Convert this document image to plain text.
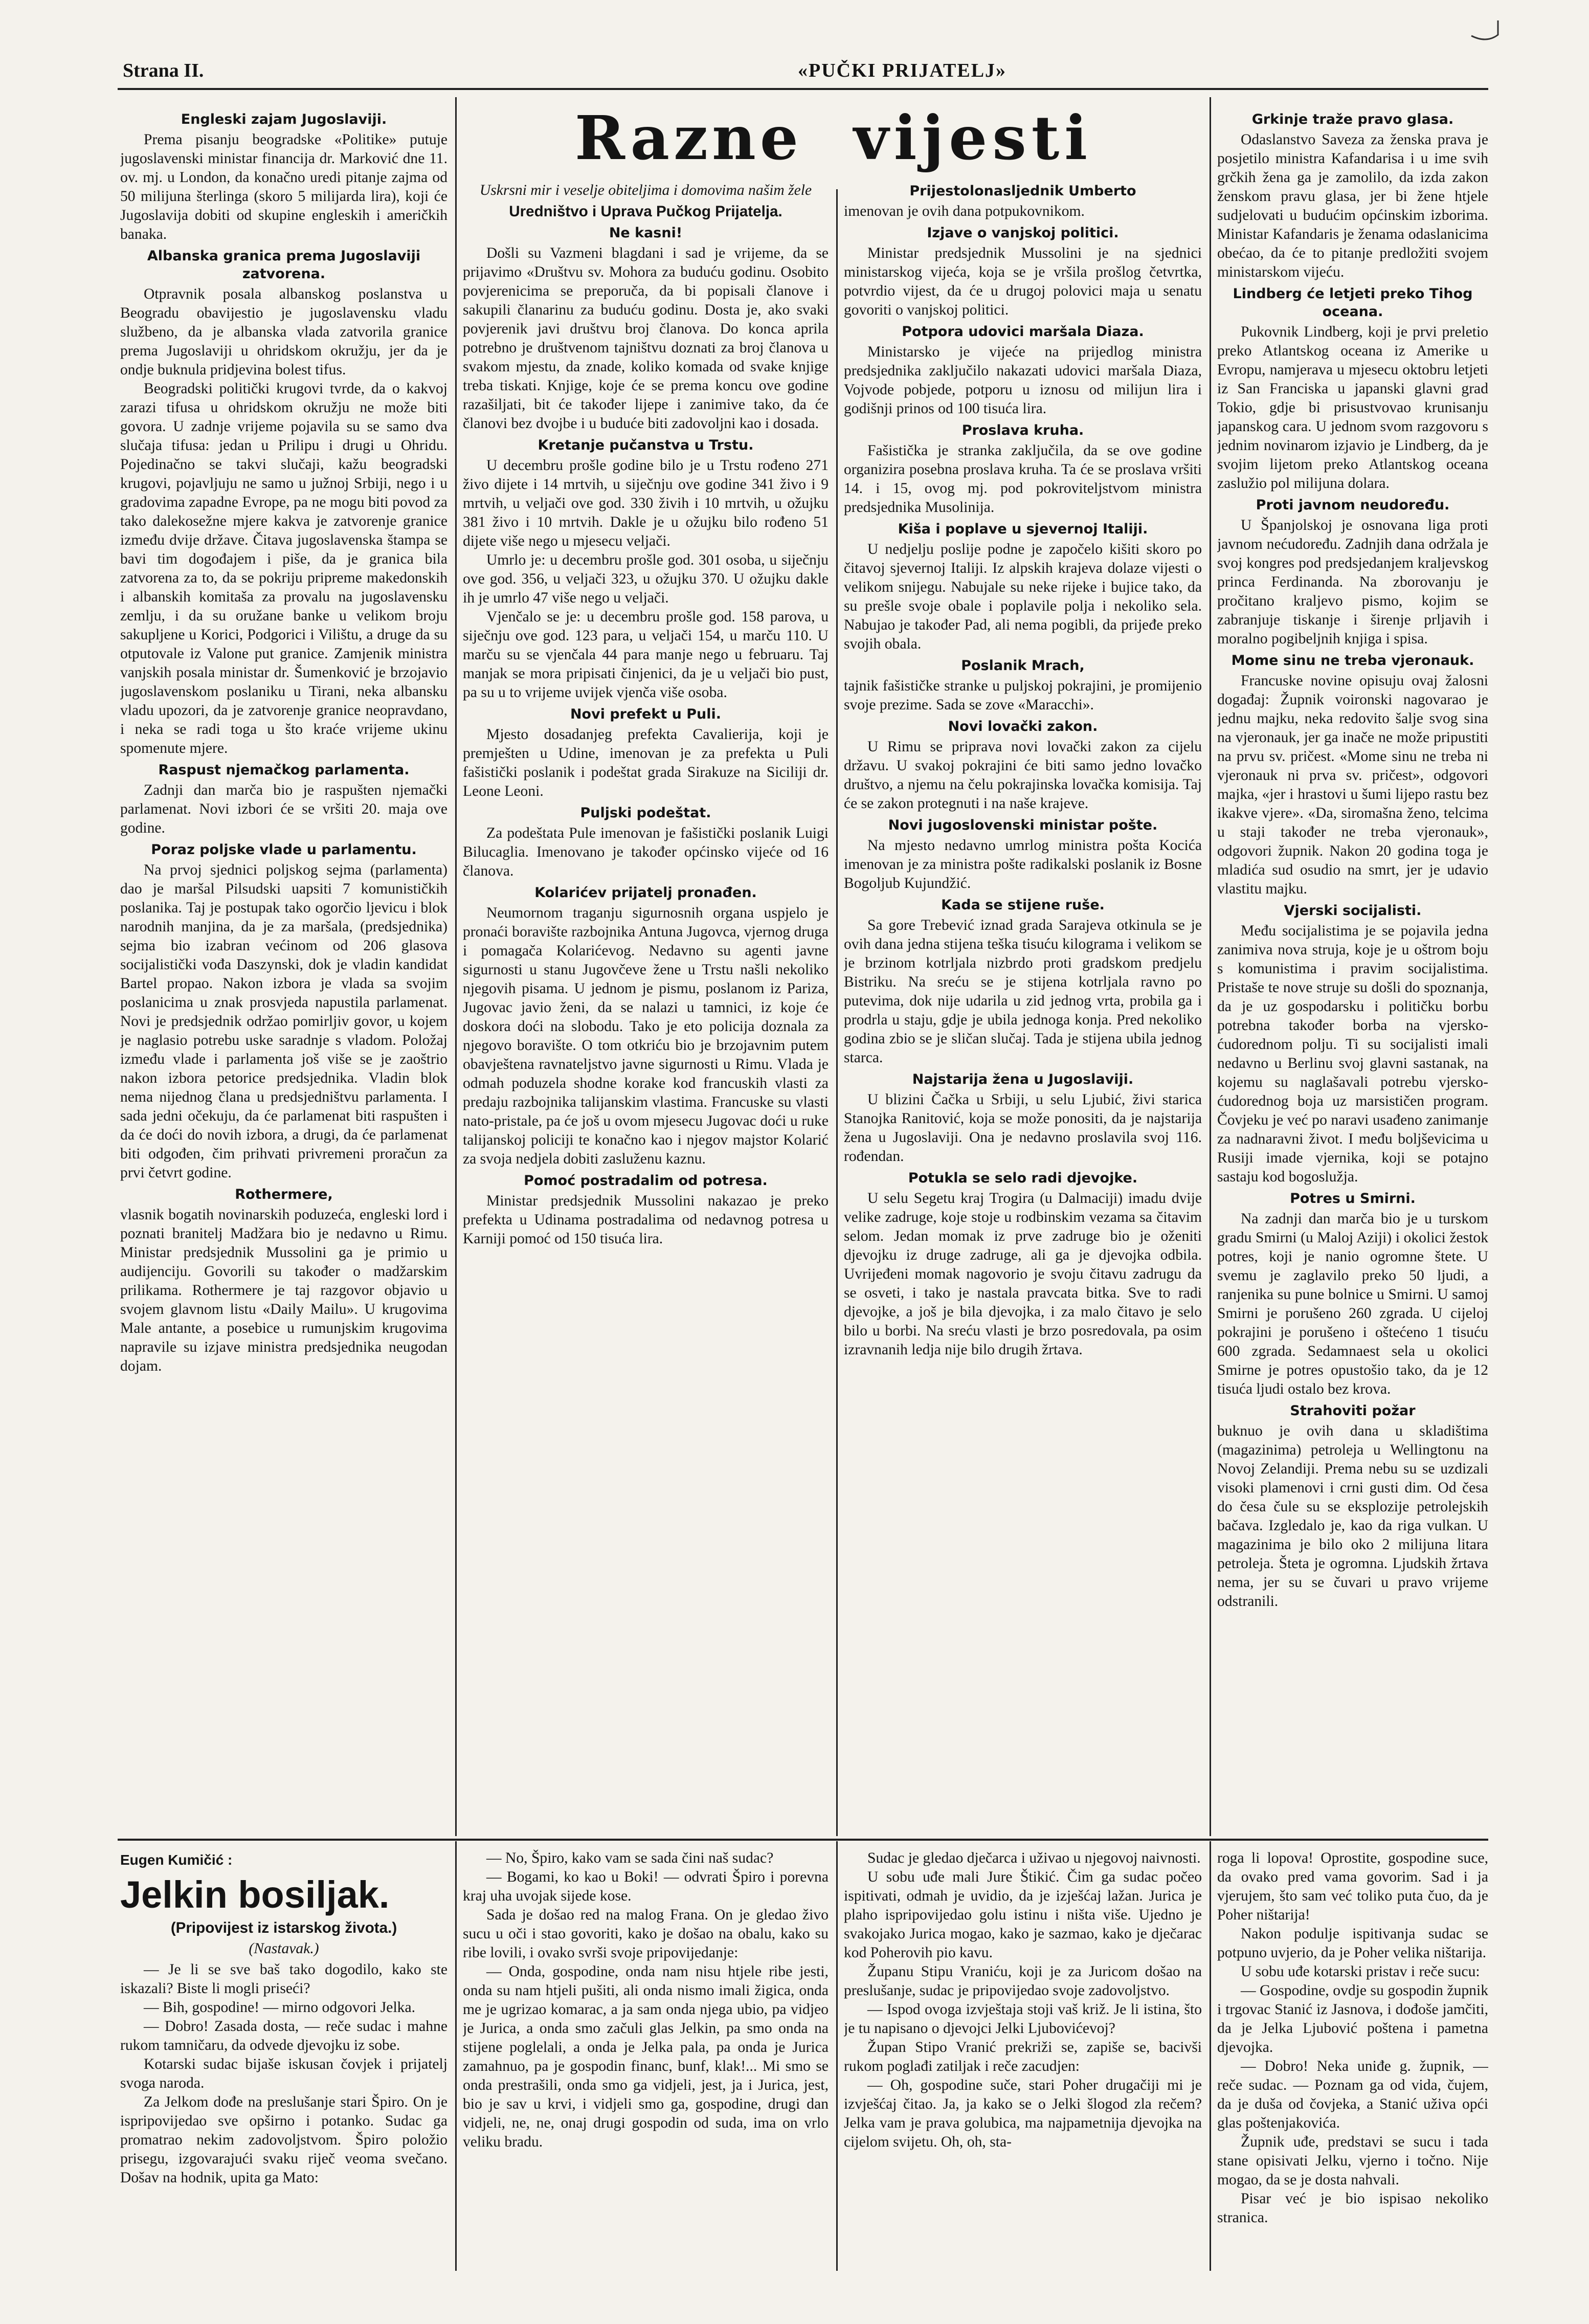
Strana II.	«PUČKI PRIJATELJ»
Razne vijesti
Engleski zajam Jugoslaviji.

Prema pisanju beogradske «Politike» putuje jugoslavenski ministar financija dr. Marković dne 11. ov. mj. u London, da konačno uredi pitanje zajma od 50 milijuna šterlinga (skoro 5 milijarda lira), koji će Jugoslavija dobiti od skupine engleskih i američkih banaka.

Albanska granica prema Jugoslaviji zatvorena.

Otpravnik posala albanskog poslanstva u Beogradu obavijestio je jugoslavensku vladu službeno, da je albanska vlada zatvorila granice prema Jugoslaviji u ohridskom okružju, jer da je ondje buknula pridjevina bolest tifus.

Beogradski politički krugovi tvrde, da o kakvoj zarazi tifusa u ohridskom okružju ne može biti govora. U zadnje vrijeme pojavila su se samo dva slučaja tifusa: jedan u Prilipu i drugi u Ohridu. Pojedinačno se takvi slučaji, kažu beogradski krugovi, pojavljuju ne samo u južnoj Srbiji, nego i u gradovima zapadne Evrope, pa ne mogu biti povod za tako dalekosežne mjere kakva je zatvorenje granice između dvije države. Čitava jugoslavenska štampa se bavi tim dogođajem i piše, da je granica bila zatvorena za to, da se pokriju pripreme makedonskih i albanskih komitaša za provalu na jugoslavensku zemlju, i da su oružane banke u velikom broju sakupljene u Korici, Podgorici i Vilištu, a druge da su otputovale iz Valone put granice. Zamjenik ministra vanjskih posala ministar dr. Šumenković je brzojavio jugoslavenskom poslaniku u Tirani, neka albansku vladu upozori, da je zatvorenje granice neopravdano, i neka se radi toga u što kraće vrijeme ukinu spomenute mjere.

Raspust njemačkog parlamenta.

Zadnji dan marča bio je raspušten njemački parlamenat. Novi izbori će se vršiti 20. maja ove godine.

Poraz poljske vlade u parlamentu.

Na prvoj sjednici poljskog sejma (parlamenta) dao je maršal Pilsudski uapsiti 7 komunističkih poslanika. Taj je postupak tako ogorčio ljevicu i blok narodnih manjina, da je za maršala, (predsjednika) sejma bio izabran većinom od 206 glasova socijalistički vođa Daszynski, dok je vladin kandidat Bartel propao. Nakon izbora je vlada sa svojim poslanicima u znak prosvjeda napustila parlamenat. Novi je predsjednik održao pomirljiv govor, u kojem je naglasio potrebu uske saradnje s vladom. Položaj između vlade i parlamenta još više se je zaoštrio nakon izbora petorice predsjednika. Vladin blok nema nijednog člana u predsjedništvu parlamenta. I sada jedni očekuju, da će parlamenat biti raspušten i da će doći do novih izbora, a drugi, da će parlamenat biti odgođen, čim prihvati privremeni proračun za prvi četvrt godine.

Rothermere,

vlasnik bogatih novinarskih poduzeća, engleski lord i poznati branitelj Madžara bio je nedavno u Rimu. Ministar predsjednik Mussolini ga je primio u audijenciju. Govorili su također o madžarskim prilikama. Rothermere je taj razgovor objavio u svojem glavnom listu «Daily Mailu». U krugovima Male antante, a posebice u rumunjskim krugovima napravile su izjave ministra predsjednika neugodan dojam.

Uskrsni mir i veselje obiteljima i domovima našim žele
Uredništvo i Uprava Pučkog Prijatelja.
Ne kasni!

Došli su Vazmeni blagdani i sad je vrijeme, da se prijavimo «Društvu sv. Mohora za buduću godinu. Osobito povjerenicima se preporuča, da bi popisali članove i sakupili članarinu za buduću godinu. Dosta je, ako svaki povjerenik javi društvu broj članova. Do konca aprila potrebno je društvenom tajništvu doznati za broj članova u svakom mjestu, da znade, koliko komada od svake knjige treba tiskati. Knjige, koje će se prema koncu ove godine razašiljati, bit će također lijepe i zanimive tako, da će članovi bez dvojbe i u buduće biti zadovoljni kao i dosada.

Kretanje pučanstva u Trstu.

U decembru prošle godine bilo je u Trstu rođeno 271 živo dijete i 14 mrtvih, u siječnju ove godine 341 živo i 9 mrtvih, u veljači ove god. 330 živih i 10 mrtvih, u ožujku 381 živo i 10 mrtvih. Dakle je u ožujku bilo rođeno 51 dijete više nego u mjesecu veljači.

Umrlo je: u decembru prošle god. 301 osoba, u siječnju ove god. 356, u veljači 323, u ožujku 370. U ožujku dakle ih je umrlo 47 više nego u veljači.

Vjenčalo se je: u decembru prošle god. 158 parova, u siječnju ove god. 123 para, u veljači 154, u marču 110. U marču su se vjenčala 44 para manje nego u februaru. Taj manjak se mora pripisati činjenici, da je u veljači bio pust, pa su u to vrijeme uvijek vjenča više osoba.

Novi prefekt u Puli.

Mjesto dosadanjeg prefekta Cavalierija, koji je premješten u Udine, imenovan je za prefekta u Puli fašistički poslanik i podeštat grada Sirakuze na Siciliji dr. Leone Leoni.

Puljski podeštat.

Za podeštata Pule imenovan je fašistički poslanik Luigi Bilucaglia. Imenovano je također općinsko vijeće od 16 članova.

Kolarićev prijatelj pronađen.

Neumornom traganju sigurnosnih organa uspjelo je pronaći boravište razbojnika Antuna Jugovca, vjernog druga i pomagača Kolarićevog. Nedavno su agenti javne sigurnosti u stanu Jugovčeve žene u Trstu našli nekoliko njegovih pisama. U jednom je pismu, poslanom iz Pariza, Jugovac javio ženi, da se nalazi u tamnici, iz koje će doskora doći na slobodu. Tako je eto policija doznala za njegovo boravište. O tom otkriću bio je brzojavnim putem obavještena ravnateljstvo javne sigurnosti u Rimu. Vlada je odmah poduzela shodne korake kod francuskih vlasti za predaju razbojnika talijanskim vlastima. Francuske su vlasti nato-pristale, pa će još u ovom mjesecu Jugovac doći u ruke talijanskoj policiji te konačno kao i njegov majstor Kolarić za svoja nedjela dobiti zasluženu kaznu.

Pomoć postradalim od potresa.

Ministar predsjednik Mussolini nakazao je preko prefekta u Udinama postradalima od nedavnog potresa u Karniji pomoć od 150 tisuća lira.

Prijestolonasljednik Umberto

imenovan je ovih dana potpukovnikom.

Izjave o vanjskoj politici.

Ministar predsjednik Mussolini je na sjednici ministarskog vijeća, koja se je vršila prošlog četvrtka, potvrdio vijest, da će u drugoj polovici maja u senatu govoriti o vanjskoj politici.

Potpora udovici maršala Diaza.

Ministarsko je vijeće na prijedlog ministra predsjednika zaključilo nakazati udovici maršala Diaza, Vojvode pobjede, potporu u iznosu od milijun lira i godišnji prinos od 100 tisuća lira.

Proslava kruha.

Fašistička je stranka zaključila, da se ove godine organizira posebna proslava kruha. Ta će se proslava vršiti 14. i 15, ovog mj. pod pokroviteljstvom ministra predsjednika Musolinija.

Kiša i poplave u sjevernoj Italiji.

U nedjelju poslije podne je započelo kišiti skoro po čitavoj sjevernoj Italiji. Iz alpskih krajeva dolaze vijesti o velikom snijegu. Nabujale su neke rijeke i bujice tako, da su prešle svoje obale i poplavile polja i nekoliko sela. Nabujao je također Pad, ali nema pogibli, da prijeđe preko svojih obala.

Poslanik Mrach,

tajnik fašističke stranke u puljskoj pokrajini, je promijenio svoje prezime. Sada se zove «Maracchi».

Novi lovački zakon.

U Rimu se priprava novi lovački zakon za cijelu državu. U svakoj pokrajini će biti samo jedno lovačko društvo, a njemu na čelu pokrajinska lovačka komisija. Taj će se zakon protegnuti i na naše krajeve.

Novi jugoslovenski ministar pošte.

Na mjesto nedavno umrlog ministra pošta Kocića imenovan je za ministra pošte radikalski poslanik iz Bosne Bogoljub Kujundžić.

Kada se stijene ruše.

Sa gore Trebević iznad grada Sarajeva otkinula se je ovih dana jedna stijena teška tisuću kilograma i velikom se je brzinom kotrljala nizbrdo proti gradskom predjelu Bistriku. Na sreću se je stijena kotrljala ravno po putevima, dok nije udarila u zid jednog vrta, probila ga i prodrla u staju, gdje je ubila jednoga konja. Pred nekoliko godina zbio se je sličan slučaj. Tada je stijena ubila jednog starca.

Najstarija žena u Jugoslaviji.

U blizini Čačka u Srbiji, u selu Ljubić, živi starica Stanojka Ranitović, koja se može ponositi, da je najstarija žena u Jugoslaviji. Ona je nedavno proslavila svoj 116. rođendan.

Potukla se selo radi djevojke.

U selu Segetu kraj Trogira (u Dalmaciji) imadu dvije velike zadruge, koje stoje u rodbinskim vezama sa čitavim selom. Jedan momak iz prve zadruge bio je oženiti djevojku iz druge zadruge, ali ga je djevojka odbila. Uvrijeđeni momak nagovorio je svoju čitavu zadrugu da se osveti, i tako je nastala pravcata bitka. Sve to radi djevojke, a još je bila djevojka, i za malo čitavo je selo bilo u borbi. Na sreću vlasti je brzo posredovala, pa osim izravnanih ledja nije bilo drugih žrtava.

Grkinje traže pravo glasa.

Odaslanstvo Saveza za ženska prava je posjetilo ministra Kafandarisa i u ime svih grčkih žena ga je zamolilo, da izda zakon ženskom pravu glasa, jer bi žene htjele sudjelovati u budućim općinskim izborima. Ministar Kafandaris je ženama odaslanicima obećao, da će to pitanje predložiti svojem ministarskom vijeću.

Lindberg će letjeti preko Tihog oceana.

Pukovnik Lindberg, koji je prvi preletio preko Atlantskog oceana iz Amerike u Evropu, namjerava u mjesecu oktobru letjeti iz San Franciska u japanski glavni grad Tokio, gdje bi prisustvovao krunisanju japanskog cara. U jednom svom razgovoru s jednim novinarom izjavio je Lindberg, da je svojim lijetom preko Atlantskog oceana zaslužio pol milijuna dolara.

Proti javnom neudoređu.

U Španjolskoj je osnovana liga proti javnom nećudoređu. Zadnjih dana održala je svoj kongres pod predsjedanjem kraljevskog princa Ferdinanda. Na zborovanju je pročitano kraljevo pismo, kojim se zabranjuje tiskanje i širenje prljavih i moralno pogibeljnih knjiga i spisa.

Mome sinu ne treba vjeronauk.

Francuske novine opisuju ovaj žalosni događaj: Župnik voironski nagovarao je jednu majku, neka redovito šalje svog sina na vjeronauk, jer ga inače ne može pripustiti na prvu sv. pričest. «Mome sinu ne treba ni vjeronauk ni prva sv. pričest», odgovori majka, «jer i hrastovi u šumi lijepo rastu bez ikakve vjere». «Da, siromašna ženo, telcima u staji također ne treba vjeronauk», odgovori župnik. Nakon 20 godina toga je mladića sud osudio na smrt, jer je udavio vlastitu majku.

Vjerski socijalisti.

Među socijalistima je se pojavila jedna zanimiva nova struja, koje je u oštrom boju s komunistima i pravim socijalistima. Pristaše te nove struje su došli do spoznanja, da je uz gospodarsku i političku borbu potrebna također borba na vjersko-ćudorednom polju. Ti su socijalisti imali nedavno u Berlinu svoj glavni sastanak, na kojemu su naglašavali potrebu vjersko-ćudorednog boja uz marsističen program. Čovjeku je već po naravi usađeno zanimanje za nadnaravni život. I među boljševicima u Rusiji imade vjernika, koji se potajno sastaju kod bogoslužja.

Potres u Smirni.

Na zadnji dan marča bio je u turskom gradu Smirni (u Maloj Aziji) i okolici žestok potres, koji je nanio ogromne štete. U svemu je zaglavilo preko 50 ljudi, a ranjenika su pune bolnice u Smirni. U samoj Smirni je porušeno 260 zgrada. U cijeloj pokrajini je porušeno i oštećeno 1 tisuću 600 zgrada. Sedamnaest sela u okolici Smirne je potres opustošio tako, da je 12 tisuća ljudi ostalo bez krova.

Strahoviti požar

buknuo je ovih dana u skladištima (magazinima) petroleja u Wellingtonu na Novoj Zelandiji. Prema nebu su se uzdizali visoki plamenovi i crni gusti dim. Od česa do česa čule su se eksplozije petrolejskih bačava. Izgledalo je, kao da riga vulkan. U magazinima je bilo oko 2 milijuna litara petroleja. Šteta je ogromna. Ljudskih žrtava nema, jer su se čuvari u pravo vrijeme odstranili.

Eugen Kumičić :
Jelkin bosiljak.
(Pripovijest iz istarskog života.)
(Nastavak.)

— Je li se sve baš tako dogodilo, kako ste iskazali? Biste li mogli priseći?

— Bih, gospodine! — mirno odgovori Jelka.

— Dobro! Zasada dosta, — reče sudac i mahne rukom tamničaru, da odvede djevojku iz sobe.

Kotarski sudac bijaše iskusan čovjek i prijatelj svoga naroda.

Za Jelkom dođe na preslušanje stari Špiro. On je ispripovijedao sve opširno i potanko. Sudac ga promatrao nekim zadovoljstvom. Špiro položio prisegu, izgovarajući svaku riječ veoma svečano. Došav na hodnik, upita ga Mato:

— No, Špiro, kako vam se sada čini naš sudac?

— Bogami, ko kao u Boki! — odvrati Špiro i porevna kraj uha uvojak sijede kose.

Sada je došao red na malog Frana. On je gledao živo sucu u oči i stao govoriti, kako je došao na obalu, kako su ribe lovili, i ovako svrši svoje pripovijedanje:

— Onda, gospodine, onda nam nisu htjele ribe jesti, onda su nam htjeli pušiti, ali onda nismo imali žigica, onda me je ugrizao komarac, a ja sam onda njega ubio, pa vidjeo je Jurica, a onda smo začuli glas Jelkin, pa smo onda na stijene poglelali, a onda je Jelka pala, pa onda je Jurica zamahnuo, pa je gospodin financ, bunf, klak!... Mi smo se onda prestrašili, onda smo ga vidjeli, jest, ja i Jurica, jest, bio je sav u krvi, i vidjeli smo ga, gospodine, drugi dan vidjeli, ne, ne, onaj drugi gospodin od suda, ima on vrlo veliku bradu.

Sudac je gledao dječarca i uživao u njegovoj naivnosti.

U sobu uđe mali Jure Štikić. Čim ga sudac počeo ispitivati, odmah je uvidio, da je izješćaj lažan. Jurica je plaho ispripovijedao golu istinu i ništa više. Ujedno je svakojako Jurica mogao, kako je sazmao, kako je dječarac kod Poherovih pio kavu.

Županu Stipu Vraniću, koji je za Juricom došao na preslušanje, sudac je pripovijedao svoje zadovoljstvo.

— Ispod ovoga izvještaja stoji vaš križ. Je li istina, što je tu napisano o djevojci Jelki Ljubovićevoj?

Župan Stipo Vranić prekriži se, zapiše se, bacivši rukom poglađi zatiljak i reče zacudjen:

— Oh, gospodine suče, stari Poher drugačiji mi je izvješćaj čitao. Ja, ja kako se o Jelki šlogod zla rečem? Jelka vam je prava golubica, ma najpametnija djevojka na cijelom svijetu. Oh, oh, sta-

roga li lopova! Oprostite, gospodine suce, da ovako pred vama govorim. Sad i ja vjerujem, što sam već toliko puta čuo, da je Poher ništarija!

Nakon podulje ispitivanja sudac se potpuno uvjerio, da je Poher velika ništarija.

U sobu uđe kotarski pristav i reče sucu:

— Gospodine, ovdje su gospodin župnik i trgovac Stanić iz Jasnova, i dođoše jamčiti, da je Jelka Ljubović poštena i pametna djevojka.

— Dobro! Neka uniđe g. župnik, — reče sudac. — Poznam ga od vida, čujem, da je duša od čovjeka, a Stanić uživa opći glas poštenjakovića.

Župnik uđe, predstavi se sucu i tada stane opisivati Jelku, vjerno i točno. Nije mogao, da se je dosta nahvali.

Pisar već je bio ispisao nekoliko stranica.
